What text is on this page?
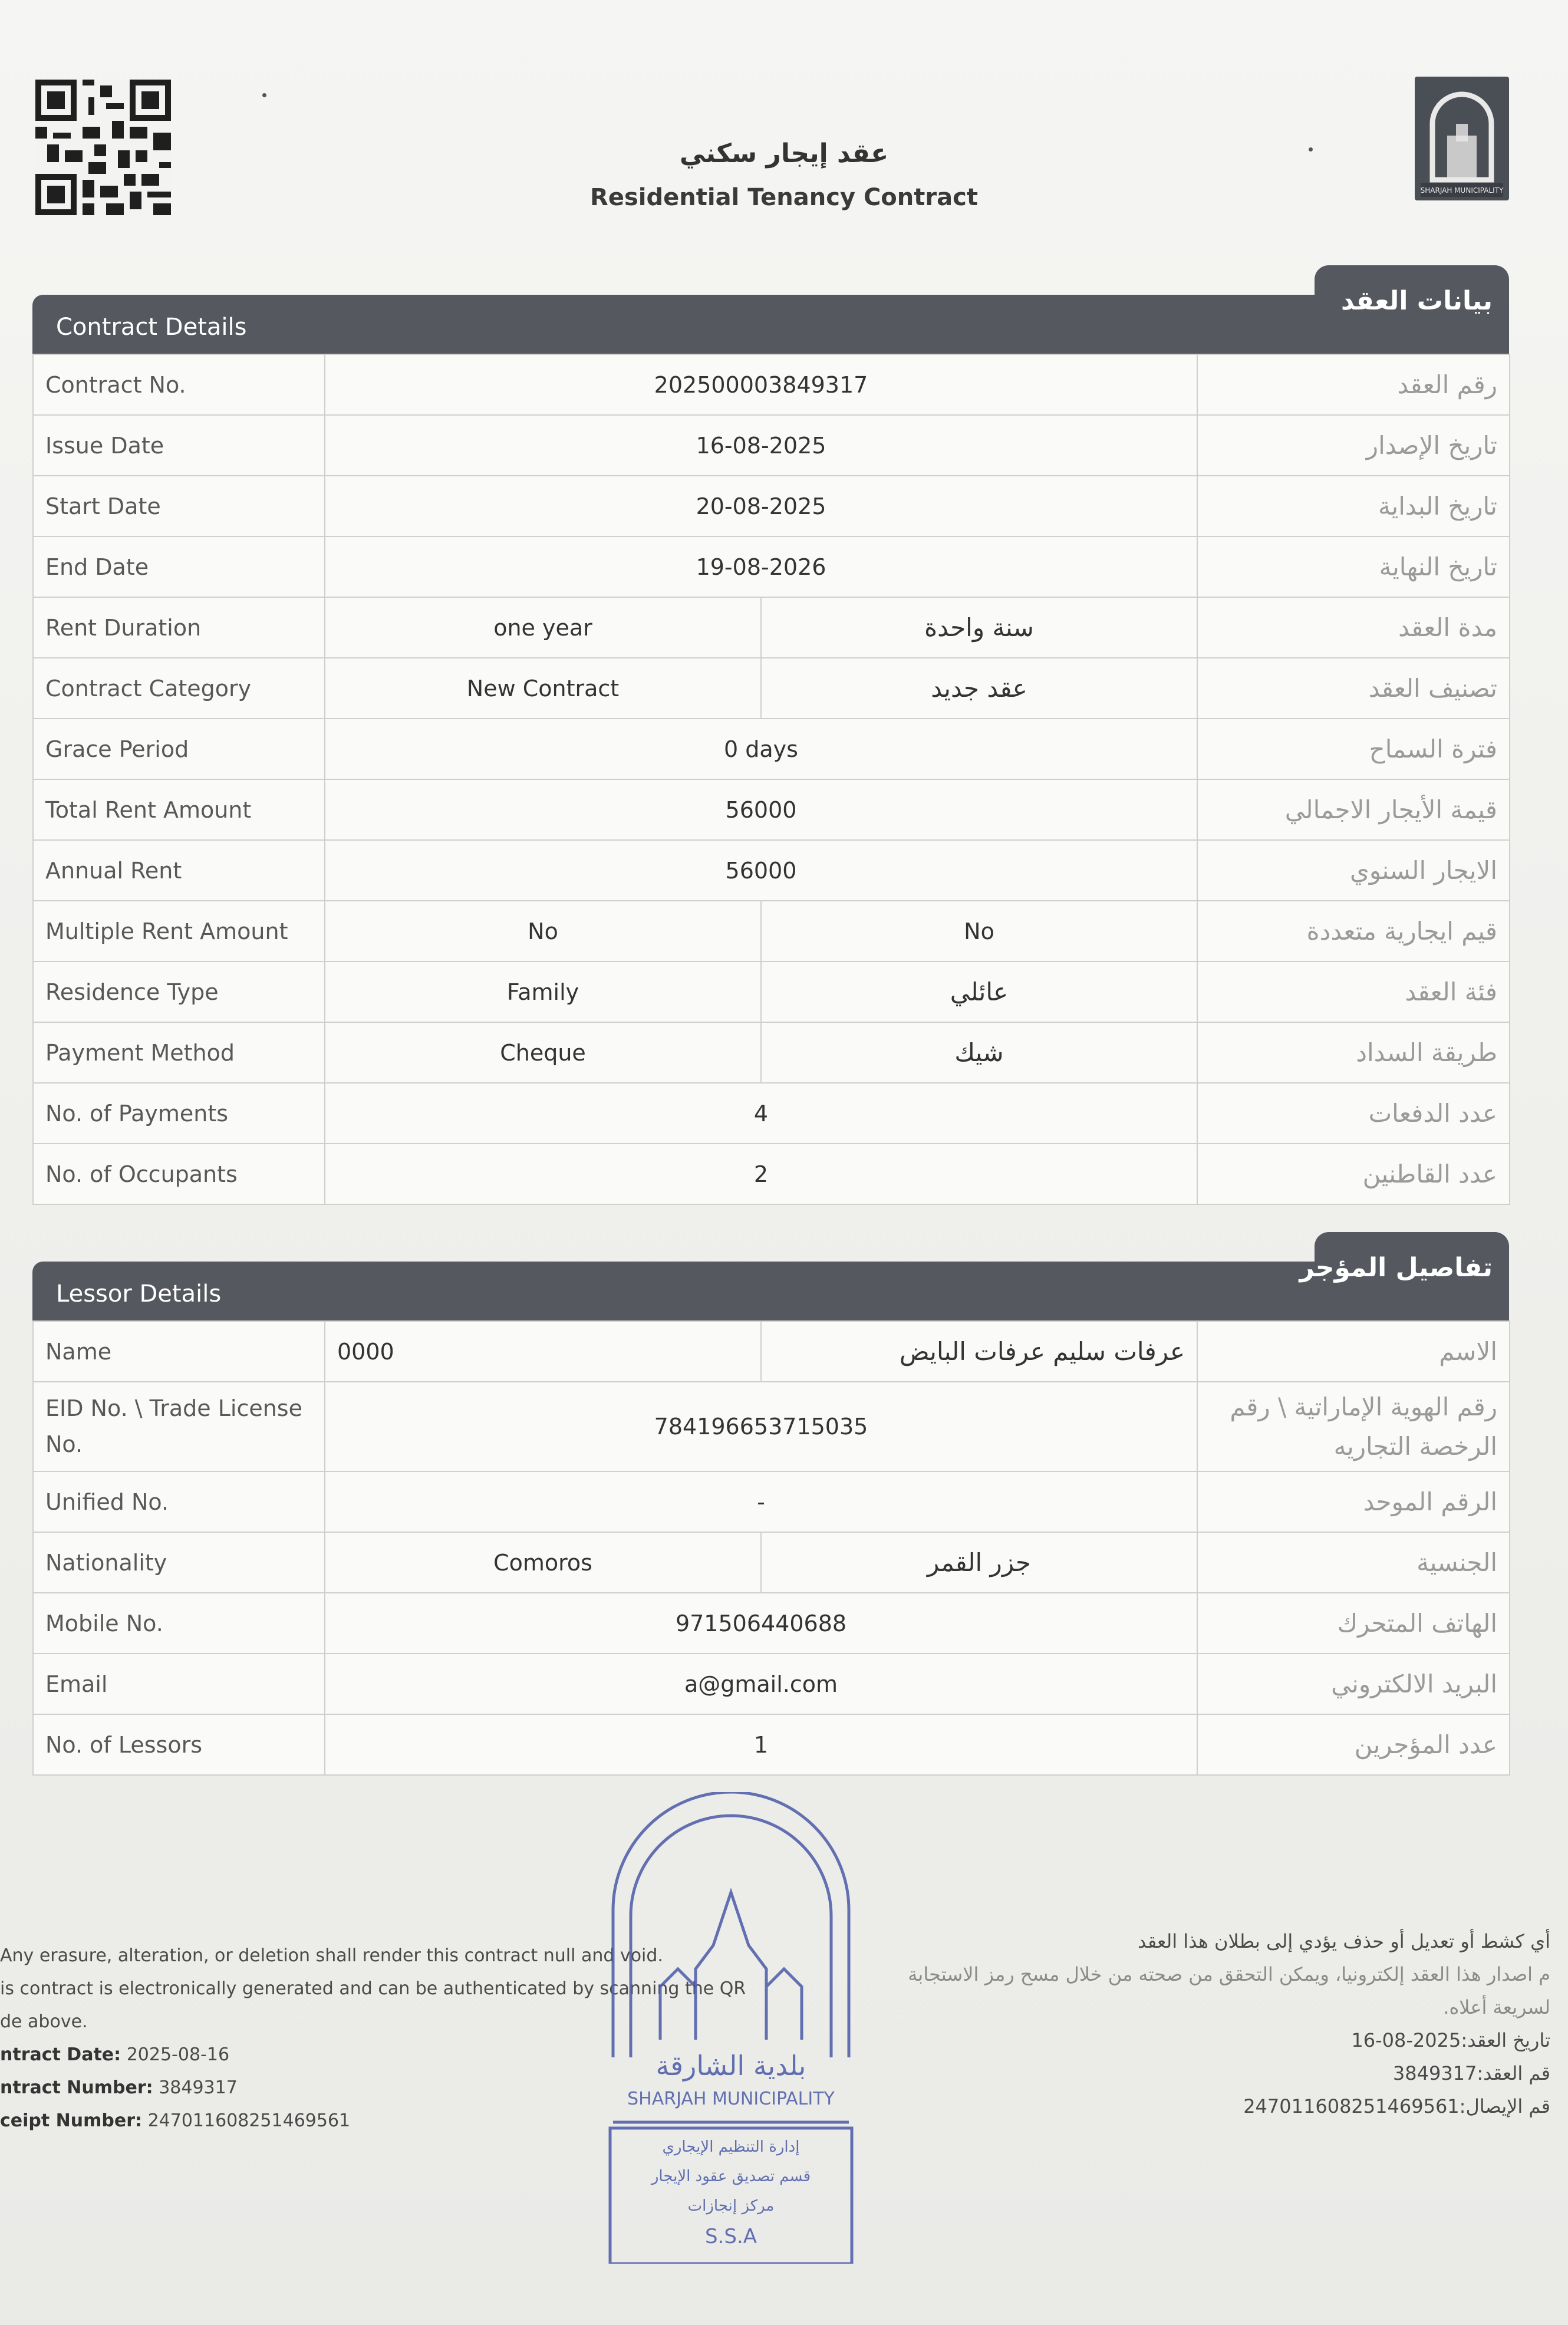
SHARJAH MUNICIPALITY
عقد إيجار سكني
Residential Tenancy Contract
Contract Details
بيانات العقد
Contract No.	202500003849317		رقم العقد
Issue Date	16-08-2025		تاريخ الإصدار
Start Date	20-08-2025		تاريخ البداية
End Date	19-08-2026		تاريخ النهاية
Rent Duration	one year	سنة واحدة	مدة العقد
Contract Category	New Contract	عقد جديد	تصنيف العقد
Grace Period	0 days		فترة السماح
Total Rent Amount	56000		قيمة الأيجار الاجمالي
Annual Rent	56000		الايجار السنوي
Multiple Rent Amount	No	No	قيم ايجارية متعددة
Residence Type	Family	عائلي	فئة العقد
Payment Method	Cheque	شيك	طريقة السداد
No. of Payments	4		عدد الدفعات
No. of Occupants	2		عدد القاطنين
Lessor Details
تفاصيل المؤجر
Name	0000	عرفات سليم عرفات البايض	الاسم
EID No. \ Trade License No.	784196653715035		رقم الهوية الإماراتية \ رقم الرخصة التجاريه
Unified No.	-		الرقم الموحد
Nationality	Comoros	جزر القمر	الجنسية
Mobile No.	971506440688		الهاتف المتحرك
Email	a@gmail.com		البريد الالكتروني
No. of Lessors	1		عدد المؤجرين
Any erasure, alteration, or deletion shall render this contract null and void.
is contract is electronically generated and can be authenticated by scanning the QR
de above.
ntract Date: 2025-08-16
ntract Number: 3849317
ceipt Number: 247011608251469561
أي كشط أو تعديل أو حذف يؤدي إلى بطلان هذا العقد
م اصدار هذا العقد إلكترونيا، ويمكن التحقق من صحته من خلال مسح رمز الاستجابة
لسريعة أعلاه.
تاريخ العقد:2025-08-16
قم العقد:3849317
قم الإيصال:247011608251469561
بلدية الشارقة
SHARJAH MUNICIPALITY
إدارة التنظيم الإيجاري
قسم تصديق عقود الإيجار
مركز إنجازات
S.S.A
